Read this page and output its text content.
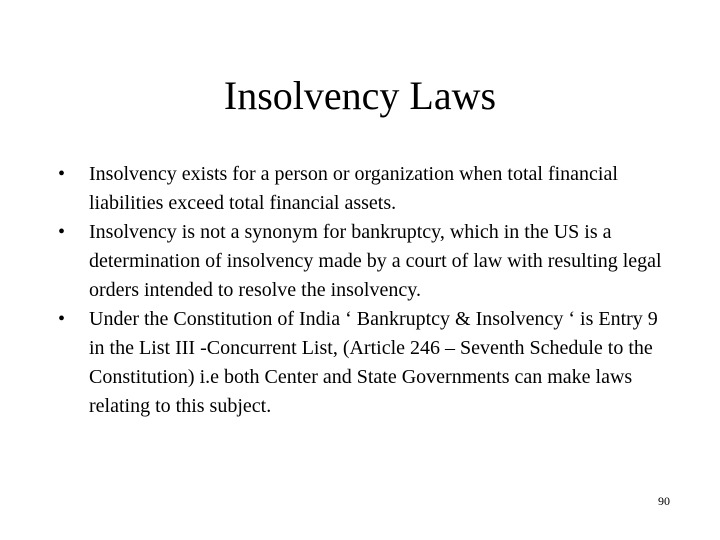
Insolvency Laws
• Insolvency exists for a person or organization when total financial liabilities exceed total financial assets.
• Insolvency is not a synonym for bankruptcy, which in the US is a determination of insolvency made by a court of law with resulting legal orders intended to resolve the insolvency.
• Under the Constitution of India ‘ Bankruptcy & Insolvency ‘ is Entry 9 in the List III -Concurrent List, (Article 246 – Seventh Schedule to the Constitution) i.e both Center and State Governments can make laws relating to this subject.
90
